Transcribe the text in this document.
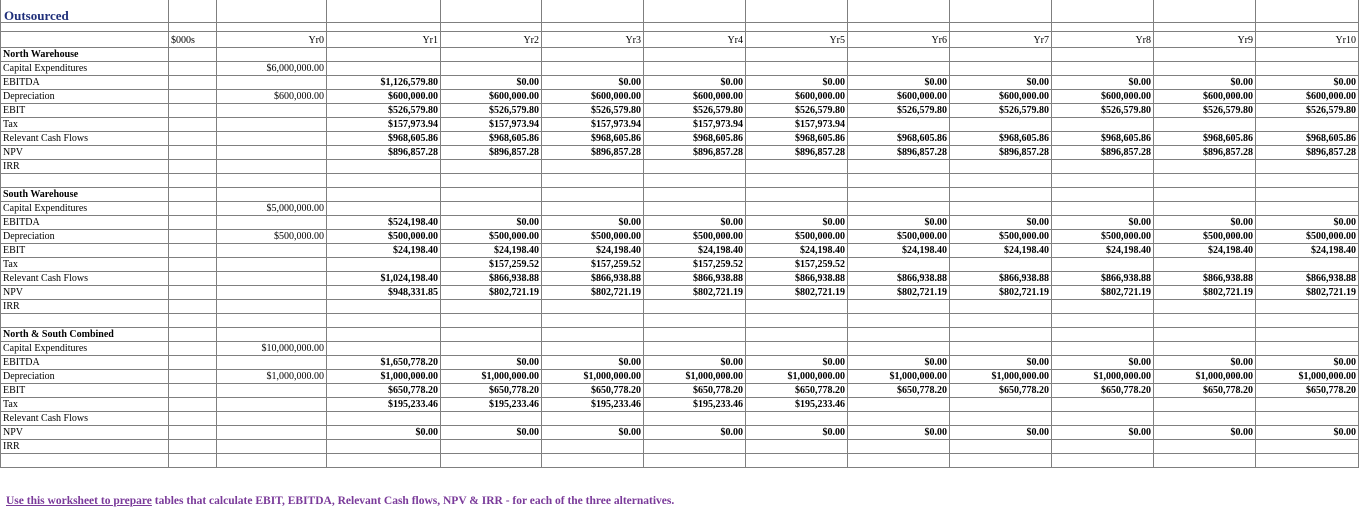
Outsourced												

	$000s	Yr0	Yr1	Yr2	Yr3	Yr4	Yr5	Yr6	Yr7	Yr8	Yr9	Yr10
North Warehouse												
Capital Expenditures		$6,000,000.00										
EBITDA			$1,126,579.80	$0.00	$0.00	$0.00	$0.00	$0.00	$0.00	$0.00	$0.00	$0.00
Depreciation		$600,000.00	$600,000.00	$600,000.00	$600,000.00	$600,000.00	$600,000.00	$600,000.00	$600,000.00	$600,000.00	$600,000.00	$600,000.00
EBIT			$526,579.80	$526,579.80	$526,579.80	$526,579.80	$526,579.80	$526,579.80	$526,579.80	$526,579.80	$526,579.80	$526,579.80
Tax			$157,973.94	$157,973.94	$157,973.94	$157,973.94	$157,973.94					
Relevant Cash Flows			$968,605.86	$968,605.86	$968,605.86	$968,605.86	$968,605.86	$968,605.86	$968,605.86	$968,605.86	$968,605.86	$968,605.86
NPV			$896,857.28	$896,857.28	$896,857.28	$896,857.28	$896,857.28	$896,857.28	$896,857.28	$896,857.28	$896,857.28	$896,857.28
IRR												

South Warehouse												
Capital Expenditures		$5,000,000.00										
EBITDA			$524,198.40	$0.00	$0.00	$0.00	$0.00	$0.00	$0.00	$0.00	$0.00	$0.00
Depreciation		$500,000.00	$500,000.00	$500,000.00	$500,000.00	$500,000.00	$500,000.00	$500,000.00	$500,000.00	$500,000.00	$500,000.00	$500,000.00
EBIT			$24,198.40	$24,198.40	$24,198.40	$24,198.40	$24,198.40	$24,198.40	$24,198.40	$24,198.40	$24,198.40	$24,198.40
Tax				$157,259.52	$157,259.52	$157,259.52	$157,259.52					
Relevant Cash Flows			$1,024,198.40	$866,938.88	$866,938.88	$866,938.88	$866,938.88	$866,938.88	$866,938.88	$866,938.88	$866,938.88	$866,938.88
NPV			$948,331.85	$802,721.19	$802,721.19	$802,721.19	$802,721.19	$802,721.19	$802,721.19	$802,721.19	$802,721.19	$802,721.19
IRR												

North & South Combined												
Capital Expenditures		$10,000,000.00										
EBITDA			$1,650,778.20	$0.00	$0.00	$0.00	$0.00	$0.00	$0.00	$0.00	$0.00	$0.00
Depreciation		$1,000,000.00	$1,000,000.00	$1,000,000.00	$1,000,000.00	$1,000,000.00	$1,000,000.00	$1,000,000.00	$1,000,000.00	$1,000,000.00	$1,000,000.00	$1,000,000.00
EBIT			$650,778.20	$650,778.20	$650,778.20	$650,778.20	$650,778.20	$650,778.20	$650,778.20	$650,778.20	$650,778.20	$650,778.20
Tax			$195,233.46	$195,233.46	$195,233.46	$195,233.46	$195,233.46					
Relevant Cash Flows												
NPV			$0.00	$0.00	$0.00	$0.00	$0.00	$0.00	$0.00	$0.00	$0.00	$0.00
IRR												

Use this worksheet to prepare tables that calculate EBIT, EBITDA, Relevant Cash flows, NPV & IRR - for each of the three alternatives.
